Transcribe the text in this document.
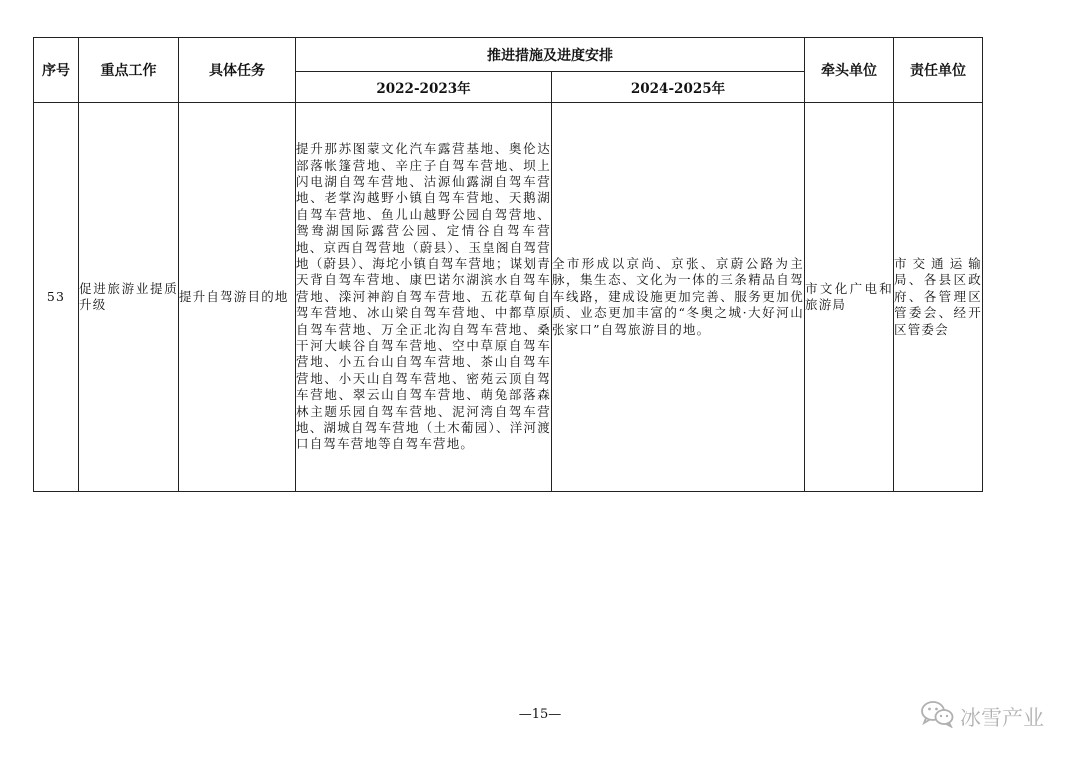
序号	重点工作	具体任务	推进措施及进度安排		牵头单位	责任单位
			2022-2023年	2024-2025年		
53	促进旅游业提质升级	提升自驾游目的地	提升那苏图蒙文化汽车露营基地、奥伦达部落帐篷营地、辛庄子自驾车营地、坝上闪电湖自驾车营地、沽源仙露湖自驾车营地、老掌沟越野小镇自驾车营地、天鹅湖自驾车营地、鱼儿山越野公园自驾营地、鸳鸯湖国际露营公园、定情谷自驾车营地、京西自驾营地（蔚县）、玉皇阁自驾营地（蔚县）、海坨小镇自驾车营地；谋划青天背自驾车营地、康巴诺尔湖滨水自驾车营地、滦河神韵自驾车营地、五花草甸自驾车营地、冰山梁自驾车营地、中都草原自驾车营地、万全正北沟自驾车营地、桑干河大峡谷自驾车营地、空中草原自驾车营地、小五台山自驾车营地、茶山自驾车营地、小天山自驾车营地、密苑云顶自驾车营地、翠云山自驾车营地、萌兔部落森林主题乐园自驾车营地、泥河湾自驾车营地、湖城自驾车营地（土木葡园）、洋河渡口自驾车营地等自驾车营地。	全市形成以京尚、京张、京蔚公路为主脉，集生态、文化为一体的三条精品自驾车线路，建成设施更加完善、服务更加优质、业态更加丰富的“冬奥之城·大好河山张家口”自驾旅游目的地。	市文化广电和旅游局	市交通运输局、各县区政府、各管理区管委会、经开区管委会
—15—	冰雪产业
